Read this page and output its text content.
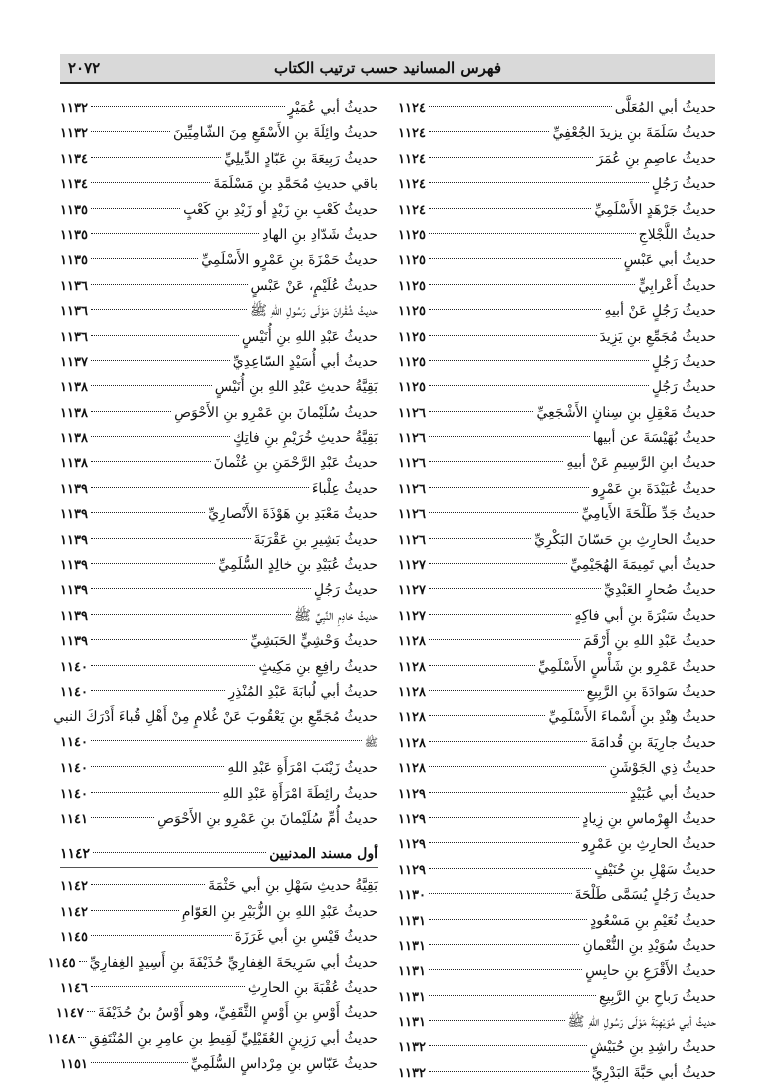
فهرس المسانيد حسب ترتيب الكتاب
٢٠٧٢
حديثُ أبي المُعَلَّى
١١٢٤
حديثُ سَلَمَةَ بنِ يزيدَ الجُعْفِيِّ
١١٢٤
حديثُ عاصِمِ بنِ عُمَرَ
١١٢٤
حديثُ رَجُلٍ
١١٢٤
حديثُ جَرْهَدٍ الأَسْلَمِيِّ
١١٢٤
حديثُ اللَّجْلاجِ
١١٢٥
حديثُ أبي عَبْسٍ
١١٢٥
حديثُ أَعْرابِيٍّ
١١٢٥
حديثُ رَجُلٍ عَنْ أبيهِ
١١٢٥
حديثُ مُجَمِّعِ بنِ يَزِيدَ
١١٢٥
حديثُ رَجُلٍ
١١٢٥
حديثُ رَجُلٍ
١١٢٥
حديثُ مَعْقِلِ بنِ سِنانٍ الأَشْجَعِيِّ
١١٢٦
حديثُ بُهَيْسَةَ عن أبيها
١١٢٦
حديثُ ابنِ الرَّسِيمِ عَنْ أبيهِ
١١٢٦
حديثُ عُبَيْدَةَ بنِ عَمْرٍو
١١٢٦
حديثُ جَدِّ طَلْحَةَ الأَيامِيِّ
١١٢٦
حديثُ الحارِثِ بنِ حَسّانَ البَكْرِيِّ
١١٢٦
حديثُ أبي تَمِيمَةَ الهُجَيْمِيِّ
١١٢٧
حديثُ صُحارٍ العَبْدِيِّ
١١٢٧
حديثُ سَبْرَةَ بنِ أبي فاكِهٍ
١١٢٧
حديثُ عَبْدِ اللهِ بنِ أَرْقَمَ
١١٢٨
حديثُ عَمْرِو بنِ شَأْسٍ الأَسْلَمِيِّ
١١٢٨
حديثُ سَوادَةَ بنِ الرَّبِيعِ
١١٢٨
حديثُ هِنْدِ بنِ أَسْماءَ الأَسْلَمِيِّ
١١٢٨
حديثُ جارِيَةَ بنِ قُدامَةَ
١١٢٨
حديثُ ذِي الجَوْشَنِ
١١٢٨
حديثُ أبي عُبَيْدٍ
١١٢٩
حديثُ الهِرْماسِ بنِ زِيادٍ
١١٢٩
حديثُ الحارِثِ بنِ عَمْرٍو
١١٢٩
حديثُ سَهْلِ بنِ حُنَيْفٍ
١١٢٩
حديثُ رَجُلٍ يُسَمَّى طَلْحَةَ
١١٣٠
حديثُ نُعَيْمِ بنِ مَسْعُودٍ
١١٣١
حديثُ سُوَيْدِ بنِ النُّعْمانِ
١١٣١
حديثُ الأَقْرَعِ بنِ حابِسٍ
١١٣١
حديثُ رَباحِ بنِ الرَّبِيعِ
١١٣١
حديثُ أبي مُوَيْهِبَةَ مَوْلَى رَسُولِ اللهِ ﷺ
١١٣١
حديثُ راشِدِ بنِ حُبَيْشٍ
١١٣٢
حديثُ أبي حَبَّةَ البَدْرِيِّ
١١٣٢
حديثُ أبي عُمَيْرٍ
١١٣٢
حديثُ وائِلَةَ بنِ الأَسْقَعِ مِنَ الشّامِيِّينَ
١١٣٢
حديثُ رَبِيعَةَ بنِ عَبّادٍ الدِّيلِيِّ
١١٣٤
باقي حديثِ مُحَمَّدِ بنِ مَسْلَمَةَ
١١٣٤
حديثُ كَعْبِ بنِ زَيْدٍ أو زَيْدِ بنِ كَعْبٍ
١١٣٥
حديثُ شَدّادِ بنِ الهادِ
١١٣٥
حديثُ حَمْزَةَ بنِ عَمْرٍو الأَسْلَمِيِّ
١١٣٥
حديثُ عُلَيْمٍ، عَنْ عَبْسٍ
١١٣٦
حديثُ شُقْرانَ مَوْلَى رَسُولِ اللهِ ﷺ
١١٣٦
حديثُ عَبْدِ اللهِ بنِ أُنَيْسٍ
١١٣٦
حديثُ أبي أُسَيْدٍ السّاعِدِيِّ
١١٣٧
بَقِيَّةُ حديثِ عَبْدِ اللهِ بنِ أُنَيْسٍ
١١٣٨
حديثُ سُلَيْمانَ بنِ عَمْرِو بنِ الأَحْوَصِ
١١٣٨
بَقِيَّةُ حديثِ خُرَيْمِ بنِ فاتِكٍ
١١٣٨
حديثُ عَبْدِ الرَّحْمَنِ بنِ عُثْمانَ
١١٣٨
حديثُ عِلْباءَ
١١٣٩
حديثُ مَعْبَدِ بنِ هَوْذَةَ الأَنْصارِيِّ
١١٣٩
حديثُ بَشِيرِ بنِ عَقْرَبَةَ
١١٣٩
حديثُ عُبَيْدِ بنِ خالِدٍ السُّلَمِيِّ
١١٣٩
حديثُ رَجُلٍ
١١٣٩
حديثُ خادِمِ النَّبِيِّ ﷺ
١١٣٩
حديثُ وَحْشِيٍّ الحَبَشِيِّ
١١٣٩
حديثُ رافِعِ بنِ مَكِيثٍ
١١٤٠
حديثُ أبي لُبابَةَ عَبْدِ المُنْذِرِ
١١٤٠
حديثُ مُجَمِّعِ بنِ يَعْقُوبَ عَنْ غُلامٍ مِنْ أَهْلِ قُباءَ أَدْرَكَ النبي
ﷺ
١١٤٠
حديثُ زَيْنَبَ امْرَأَةِ عَبْدِ اللهِ
١١٤٠
حديثُ رائِطَةَ امْرَأَةِ عَبْدِ اللهِ
١١٤٠
حديثُ أُمِّ سُلَيْمانَ بنِ عَمْرِو بنِ الأَحْوَصِ
١١٤١
أول مسند المدنيين
١١٤٢
بَقِيَّةُ حديثِ سَهْلِ بنِ أبي حَثْمَةَ
١١٤٢
حديثُ عَبْدِ اللهِ بنِ الزُّبَيْرِ بنِ العَوّامِ
١١٤٢
حديثُ قَيْسِ بنِ أبي غَرَزَةَ
١١٤٥
حديثُ أبي سَرِيحَةَ الغِفارِيِّ حُذَيْفَةَ بنِ أَسِيدٍ الغِفارِيِّ
١١٤٥
حديثُ عُقْبَةَ بنِ الحارِثِ
١١٤٦
حديثُ أَوْسِ بنِ أَوْسٍ الثَّقَفِيِّ، وهو أَوْسُ بنُ حُذَيْفَةَ
١١٤٧
حديثُ أبي رَزِينٍ العُقَيْلِيِّ لَقِيطِ بنِ عامِرِ بنِ المُنْتَفِقِ
١١٤٨
حديثُ عَبّاسِ بنِ مِرْداسٍ السُّلَمِيِّ
١١٥١
